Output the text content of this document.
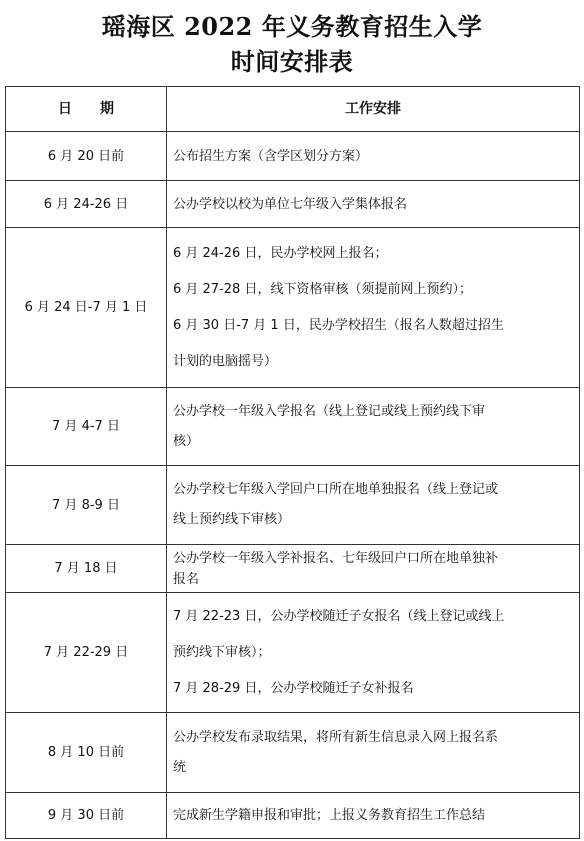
瑶海区 2022 年义务教育招生入学
时间安排表
日期	工作安排
6 月 20 日前	公布招生方案（含学区划分方案）

6 月 24-26 日	公办学校以校为单位七年级入学集体报名

6 月 24 日-7 月 1 日	6 月 24-26 日，民办学校网上报名；
6 月 27-28 日，线下资格审核（须提前网上预约）；
6 月 30 日-7 月 1 日，民办学校招生（报名人数超过招生
计划的电脑摇号）

7 月 4-7 日	公办学校一年级入学报名（线上登记或线上预约线下审
核）

7 月 8-9 日	公办学校七年级入学回户口所在地单独报名（线上登记或
线上预约线下审核）

7 月 18 日	公办学校一年级入学补报名、七年级回户口所在地单独补
报名

7 月 22-29 日	7 月 22-23 日，公办学校随迁子女报名（线上登记或线上
预约线下审核）；
7 月 28-29 日，公办学校随迁子女补报名

8 月 10 日前	公办学校发布录取结果，将所有新生信息录入网上报名系
统

9 月 30 日前	完成新生学籍申报和审批；上报义务教育招生工作总结
